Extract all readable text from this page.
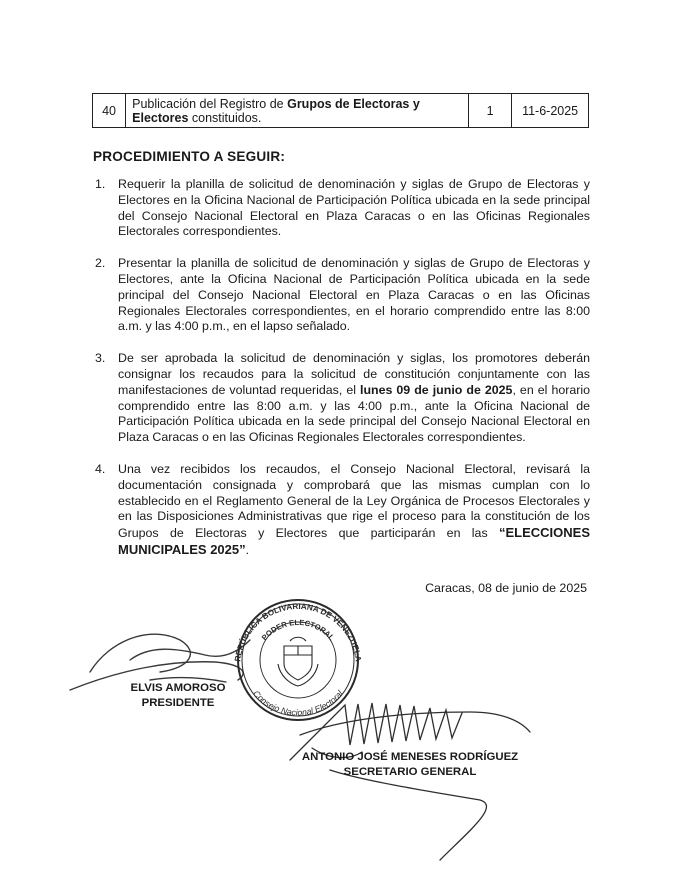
40	Publicación del Registro de Grupos de Electoras y Electores constituidos.	1	11-6-2025
PROCEDIMIENTO A SEGUIR:
1. Requerir la planilla de solicitud de denominación y siglas de Grupo de Electoras y Electores en la Oficina Nacional de Participación Política ubicada en la sede principal del Consejo Nacional Electoral en Plaza Caracas o en las Oficinas Regionales Electorales correspondientes.
2. Presentar la planilla de solicitud de denominación y siglas de Grupo de Electoras y Electores, ante la Oficina Nacional de Participación Política ubicada en la sede principal del Consejo Nacional Electoral en Plaza Caracas o en las Oficinas Regionales Electorales correspondientes, en el horario comprendido entre las 8:00 a.m. y las 4:00 p.m., en el lapso señalado.
3. De ser aprobada la solicitud de denominación y siglas, los promotores deberán consignar los recaudos para la solicitud de constitución conjuntamente con las manifestaciones de voluntad requeridas, el lunes 09 de junio de 2025, en el horario comprendido entre las 8:00 a.m. y las 4:00 p.m., ante la Oficina Nacional de Participación Política ubicada en la sede principal del Consejo Nacional Electoral en Plaza Caracas o en las Oficinas Regionales Electorales correspondientes.
4. Una vez recibidos los recaudos, el Consejo Nacional Electoral, revisará la documentación consignada y comprobará que las mismas cumplan con lo establecido en el Reglamento General de la Ley Orgánica de Procesos Electorales y en las Disposiciones Administrativas que rige el proceso para la constitución de los Grupos de Electoras y Electores que participarán en las “ELECCIONES MUNICIPALES 2025”.
Caracas, 08 de junio de 2025
REPÚBLICA BOLIVARIANA DE VENEZUELA
PODER ELECTORAL
Consejo Nacional Electoral
ELVIS AMOROSO
PRESIDENTE
ANTONIO JOSÉ MENESES RODRÍGUEZ
SECRETARIO GENERAL
